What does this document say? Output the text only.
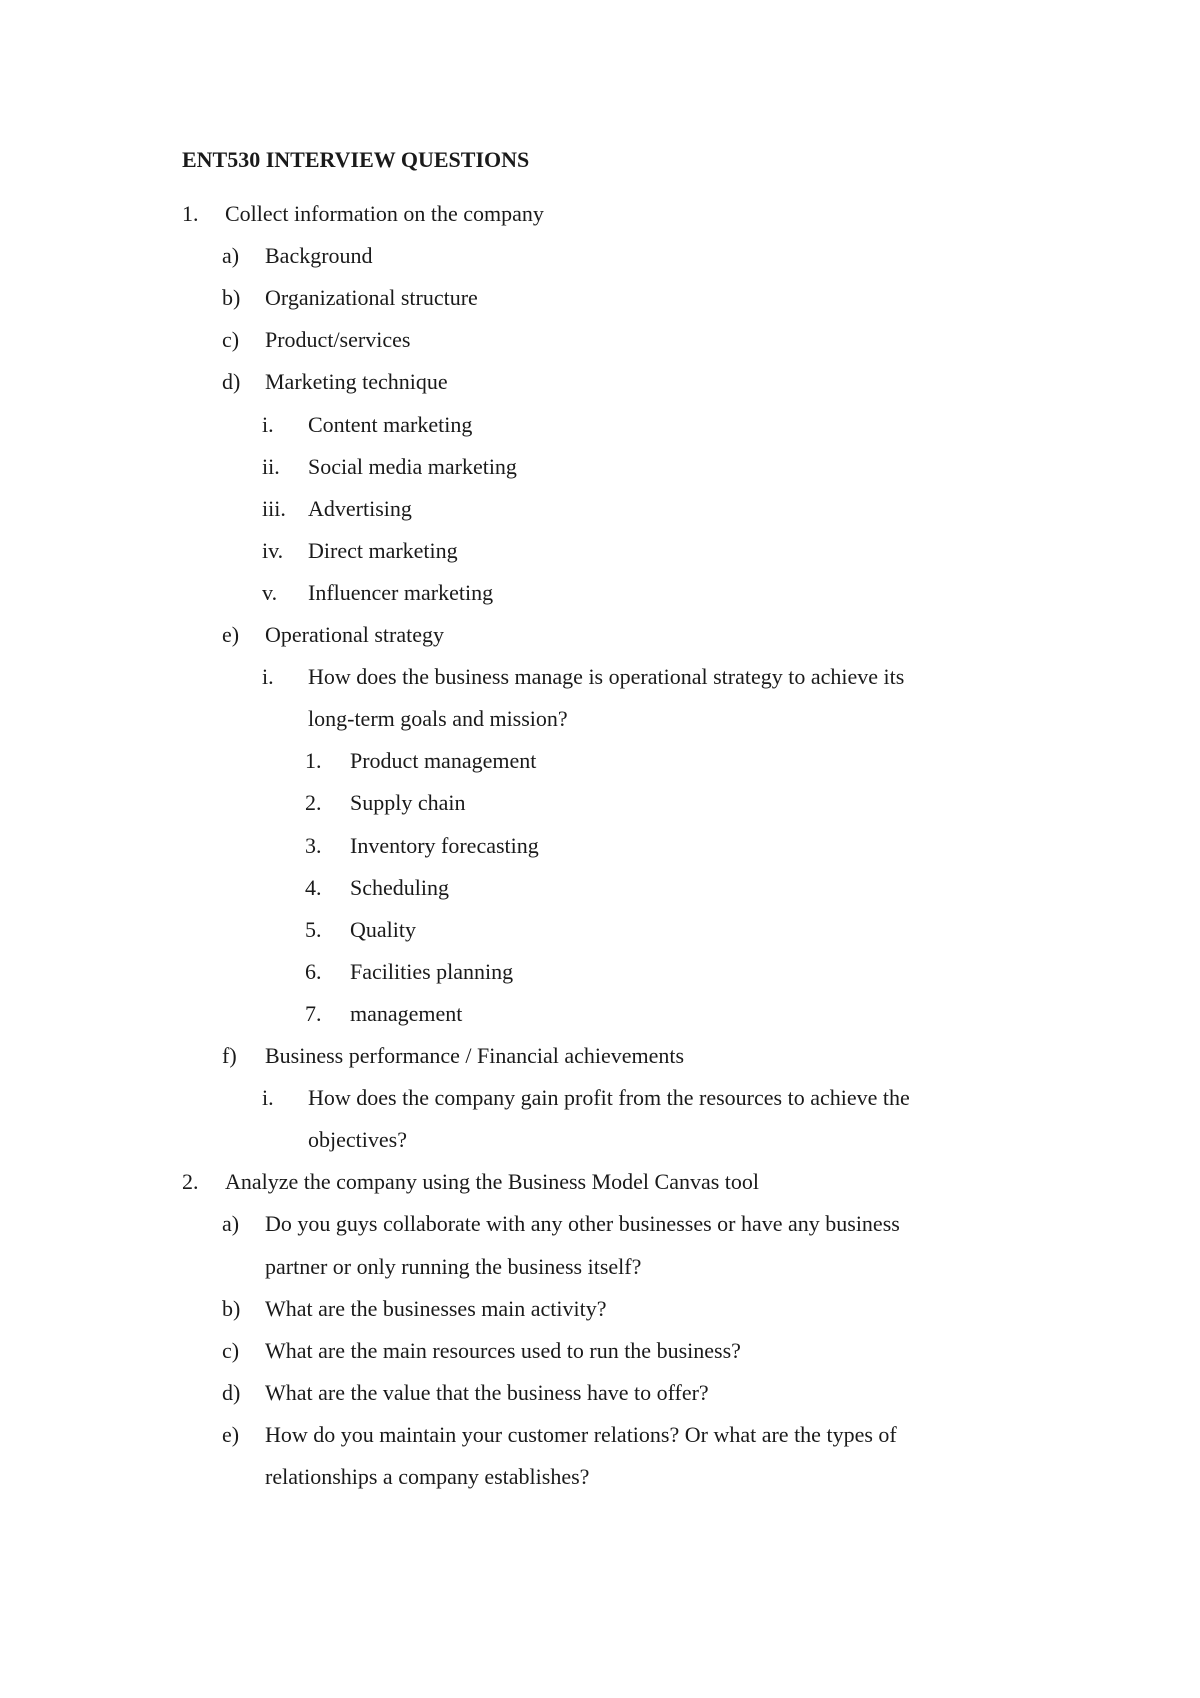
ENT530 INTERVIEW QUESTIONS
1. Collect information on the company
a) Background
b) Organizational structure
c) Product/services
d) Marketing technique
i. Content marketing
ii. Social media marketing
iii. Advertising
iv. Direct marketing
v. Influencer marketing
e) Operational strategy
i. How does the business manage is operational strategy to achieve its
long-term goals and mission?
1. Product management
2. Supply chain
3. Inventory forecasting
4. Scheduling
5. Quality
6. Facilities planning
7. management
f) Business performance / Financial achievements
i. How does the company gain profit from the resources to achieve the
objectives?
2. Analyze the company using the Business Model Canvas tool
a) Do you guys collaborate with any other businesses or have any business
partner or only running the business itself?
b) What are the businesses main activity?
c) What are the main resources used to run the business?
d) What are the value that the business have to offer?
e) How do you maintain your customer relations? Or what are the types of
relationships a company establishes?
